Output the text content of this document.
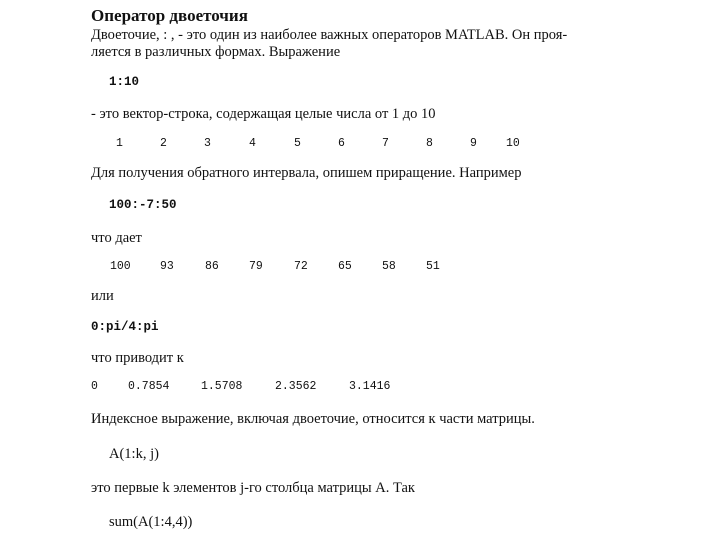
Оператор двоеточия
Двоеточие, : , - это один из наиболее важных операторов MATLAB. Он проя-
ляется в различных формах. Выражение
1:10
- это вектор-строка, содержащая целые числа от 1 до 10
1	2	3	4	5	6	7	8	9	10
Для получения обратного интервала, опишем приращение. Например
100:-7:50
что дает
100	93	86	79	72	65	58	51
или
0:pi/4:pi
что приводит к
0	0.7854	1.5708	2.3562	3.1416
Индексное выражение, включая двоеточие, относится к части матрицы.
A(1:k, j)
это первые k элементов j-го столбца матрицы A. Так
sum(A(1:4,4))
